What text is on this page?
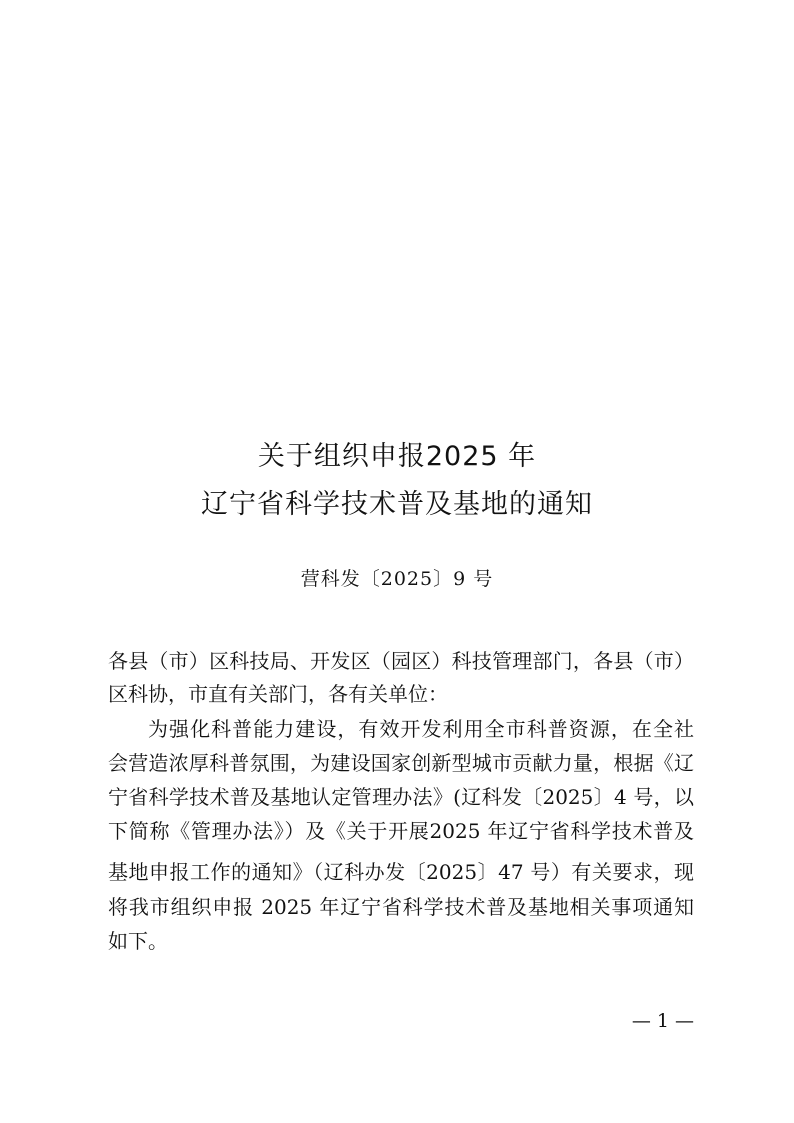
关于组织申报2025 年
辽宁省科学技术普及基地的通知
营科发〔2025〕9 号
各县（市）区科技局、开发区（园区）科技管理部门，各县（市）
区科协，市直有关部门，各有关单位：
为强化科普能力建设，有效开发利用全市科普资源，在全社
会营造浓厚科普氛围，为建设国家创新型城市贡献力量，根据《辽
宁省科学技术普及基地认定管理办法》(辽科发〔2025〕4 号，以
下简称《管理办法》）及《关于开展2025 年辽宁省科学技术普及
基地申报工作的通知》（辽科办发〔2025〕47 号）有关要求，现
将我市组织申报 2025 年辽宁省科学技术普及基地相关事项通知
如下。
— 1 —
